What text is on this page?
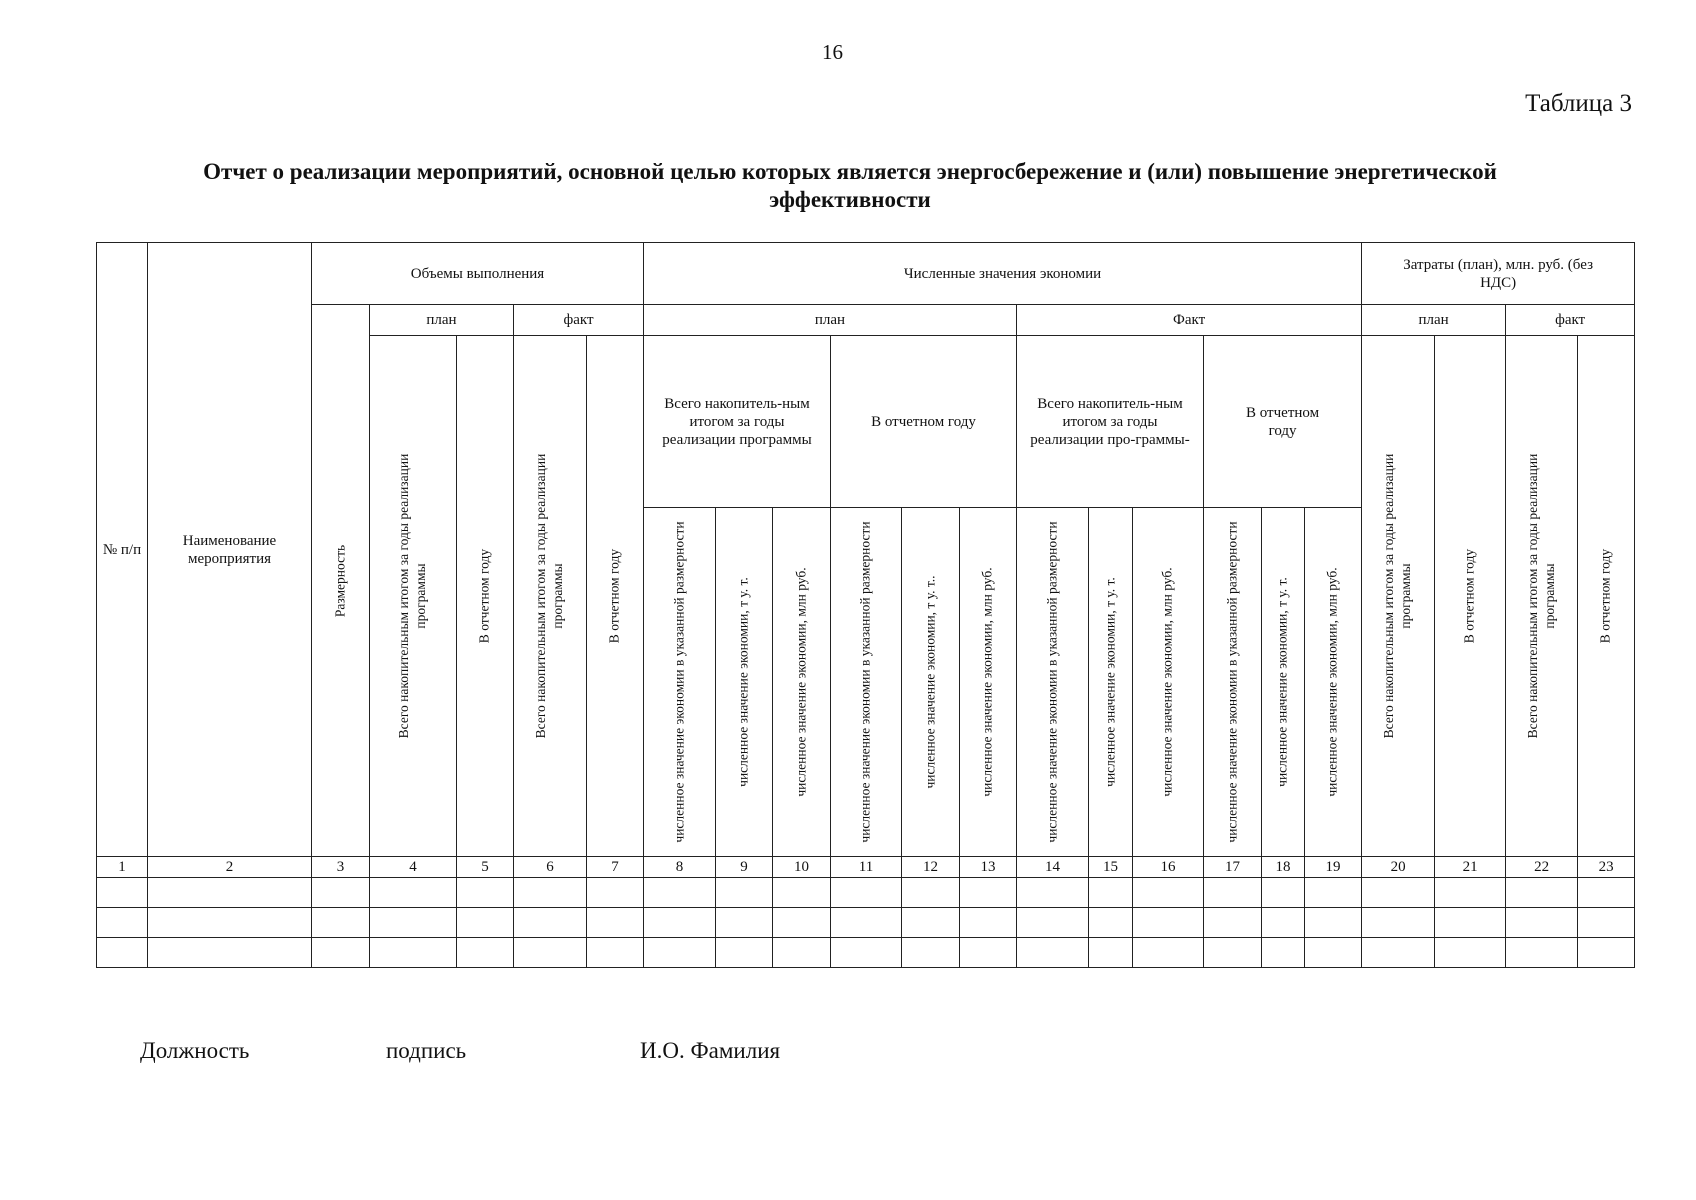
16
Таблица 3
Отчет о реализации мероприятий, основной целью которых является энергосбережение и (или) повышение энергетической
эффективности
№ п/п	Наименование мероприятия	Объемы выполнения					Численные значения экономии												Затраты (план), млн. руб. (без НДС)			

		Размерность	план		факт		план						Факт						план		факт	

			Всего накопительным итогом за годы реализации программы	В отчетном году	Всего накопительным итогом за годы реализации программы	В отчетном году	Всего накопитель-ным итогом за годы реализации программы			В отчетном году			Всего накопитель-ным итогом за годы реализации про-граммы-			В отчетном году			Всего накопительным итогом за годы реализации программы	В отчетном году	Всего накопительным итогом за годы реализации программы	В отчетном году

							численное значение экономии в указанной размерности	численное значение экономии, т у. т.	численное значение экономии, млн руб.	численное значение экономии в указанной размерности	численное значение экономии, т у. т..	численное значение экономии, млн руб.	численное значение экономии в указанной размерности	численное значение экономии, т у. т.	численное значение экономии, млн руб.	численное значение экономии в указанной размерности	численное значение экономии, т у. т.	численное значение экономии, млн руб.				

1	2	3	4	5	6	7	8	9	10	11	12	13	14	15	16	17	18	19	20	21	22	23

Должность	подпись	И.О. Фамилия
